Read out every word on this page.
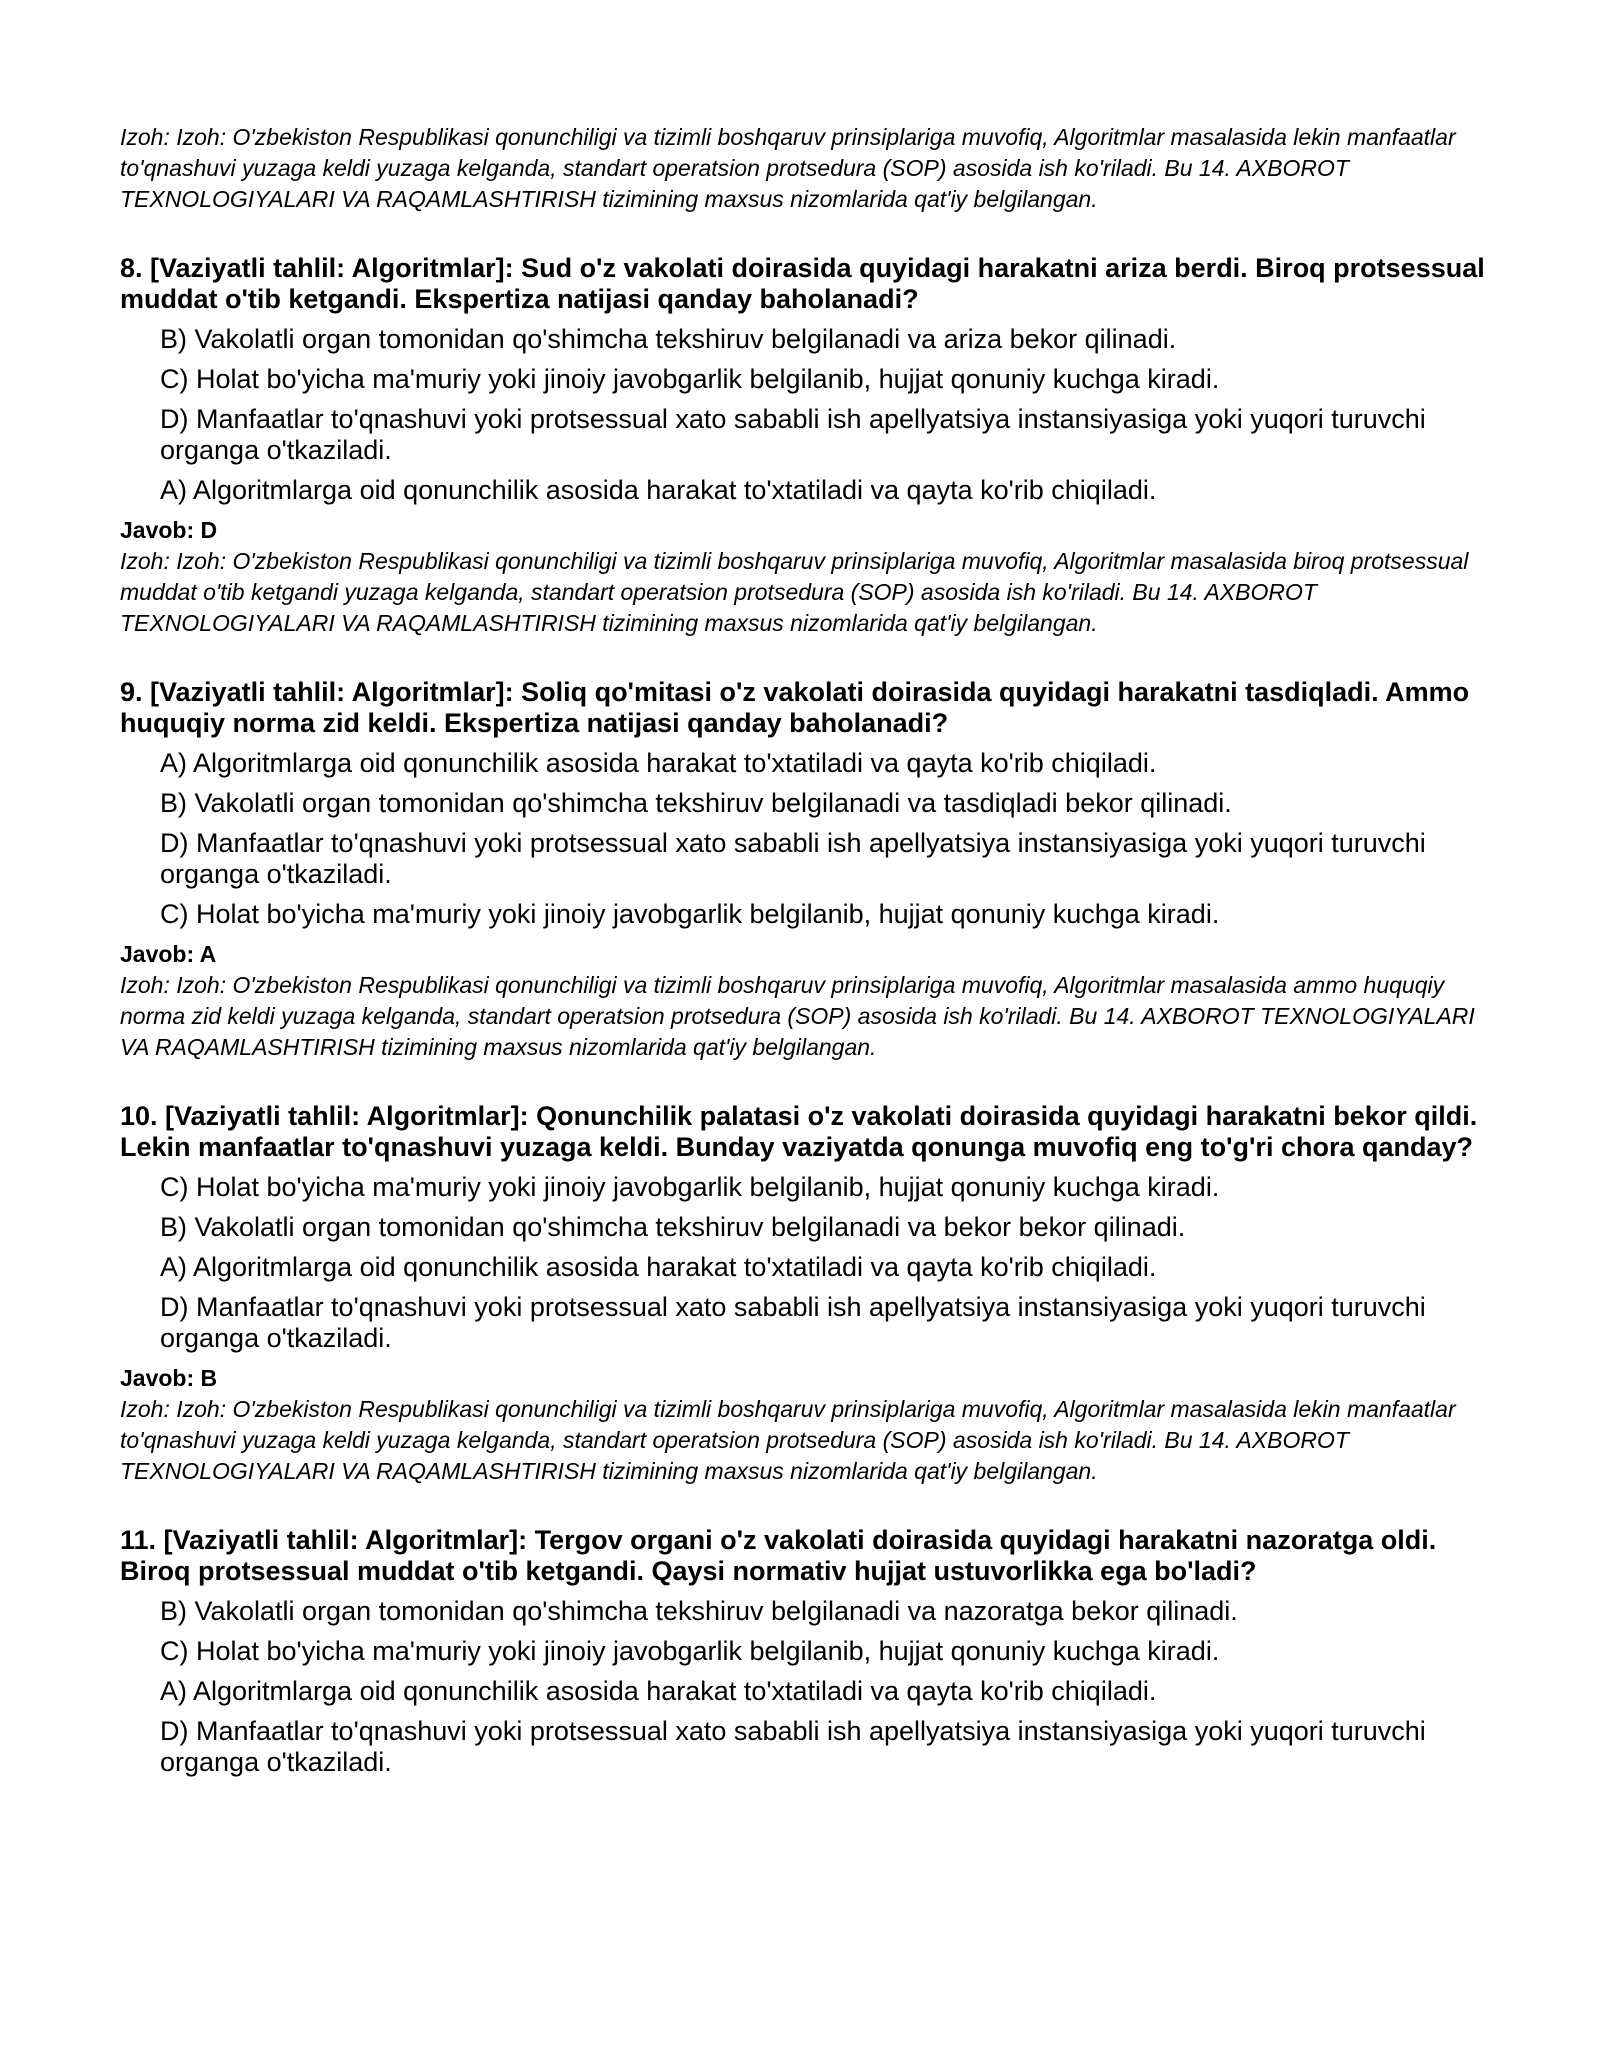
Izoh: Izoh: O'zbekiston Respublikasi qonunchiligi va tizimli boshqaruv prinsiplariga muvofiq, Algoritmlar masalasida lekin manfaatlar to'qnashuvi yuzaga keldi yuzaga kelganda, standart operatsion protsedura (SOP) asosida ish ko'riladi. Bu 14. AXBOROT TEXNOLOGIYALARI VA RAQAMLASHTIRISH tizimining maxsus nizomlarida qat'iy belgilangan.

8. [Vaziyatli tahlil: Algoritmlar]: Sud o'z vakolati doirasida quyidagi harakatni ariza berdi. Biroq protsessual muddat o'tib ketgandi. Ekspertiza natijasi qanday baholanadi?

B) Vakolatli organ tomonidan qo'shimcha tekshiruv belgilanadi va ariza bekor qilinadi.
C) Holat bo'yicha ma'muriy yoki jinoiy javobgarlik belgilanib, hujjat qonuniy kuchga kiradi.
D) Manfaatlar to'qnashuvi yoki protsessual xato sababli ish apellyatsiya instansiyasiga yoki yuqori turuvchi organga o'tkaziladi.
A) Algoritmlarga oid qonunchilik asosida harakat to'xtatiladi va qayta ko'rib chiqiladi.

Javob: D

Izoh: Izoh: O'zbekiston Respublikasi qonunchiligi va tizimli boshqaruv prinsiplariga muvofiq, Algoritmlar masalasida biroq protsessual muddat o'tib ketgandi yuzaga kelganda, standart operatsion protsedura (SOP) asosida ish ko'riladi. Bu 14. AXBOROT TEXNOLOGIYALARI VA RAQAMLASHTIRISH tizimining maxsus nizomlarida qat'iy belgilangan.

9. [Vaziyatli tahlil: Algoritmlar]: Soliq qo'mitasi o'z vakolati doirasida quyidagi harakatni tasdiqladi. Ammo huquqiy norma zid keldi. Ekspertiza natijasi qanday baholanadi?

A) Algoritmlarga oid qonunchilik asosida harakat to'xtatiladi va qayta ko'rib chiqiladi.
B) Vakolatli organ tomonidan qo'shimcha tekshiruv belgilanadi va tasdiqladi bekor qilinadi.
D) Manfaatlar to'qnashuvi yoki protsessual xato sababli ish apellyatsiya instansiyasiga yoki yuqori turuvchi organga o'tkaziladi.
C) Holat bo'yicha ma'muriy yoki jinoiy javobgarlik belgilanib, hujjat qonuniy kuchga kiradi.

Javob: A

Izoh: Izoh: O'zbekiston Respublikasi qonunchiligi va tizimli boshqaruv prinsiplariga muvofiq, Algoritmlar masalasida ammo huquqiy norma zid keldi yuzaga kelganda, standart operatsion protsedura (SOP) asosida ish ko'riladi. Bu 14. AXBOROT TEXNOLOGIYALARI VA RAQAMLASHTIRISH tizimining maxsus nizomlarida qat'iy belgilangan.

10. [Vaziyatli tahlil: Algoritmlar]: Qonunchilik palatasi o'z vakolati doirasida quyidagi harakatni bekor qildi. Lekin manfaatlar to'qnashuvi yuzaga keldi. Bunday vaziyatda qonunga muvofiq eng to'g'ri chora qanday?

C) Holat bo'yicha ma'muriy yoki jinoiy javobgarlik belgilanib, hujjat qonuniy kuchga kiradi.
B) Vakolatli organ tomonidan qo'shimcha tekshiruv belgilanadi va bekor bekor qilinadi.
A) Algoritmlarga oid qonunchilik asosida harakat to'xtatiladi va qayta ko'rib chiqiladi.
D) Manfaatlar to'qnashuvi yoki protsessual xato sababli ish apellyatsiya instansiyasiga yoki yuqori turuvchi organga o'tkaziladi.

Javob: B

Izoh: Izoh: O'zbekiston Respublikasi qonunchiligi va tizimli boshqaruv prinsiplariga muvofiq, Algoritmlar masalasida lekin manfaatlar to'qnashuvi yuzaga keldi yuzaga kelganda, standart operatsion protsedura (SOP) asosida ish ko'riladi. Bu 14. AXBOROT TEXNOLOGIYALARI VA RAQAMLASHTIRISH tizimining maxsus nizomlarida qat'iy belgilangan.

11. [Vaziyatli tahlil: Algoritmlar]: Tergov organi o'z vakolati doirasida quyidagi harakatni nazoratga oldi. Biroq protsessual muddat o'tib ketgandi. Qaysi normativ hujjat ustuvorlikka ega bo'ladi?

B) Vakolatli organ tomonidan qo'shimcha tekshiruv belgilanadi va nazoratga bekor qilinadi.
C) Holat bo'yicha ma'muriy yoki jinoiy javobgarlik belgilanib, hujjat qonuniy kuchga kiradi.
A) Algoritmlarga oid qonunchilik asosida harakat to'xtatiladi va qayta ko'rib chiqiladi.
D) Manfaatlar to'qnashuvi yoki protsessual xato sababli ish apellyatsiya instansiyasiga yoki yuqori turuvchi organga o'tkaziladi.
